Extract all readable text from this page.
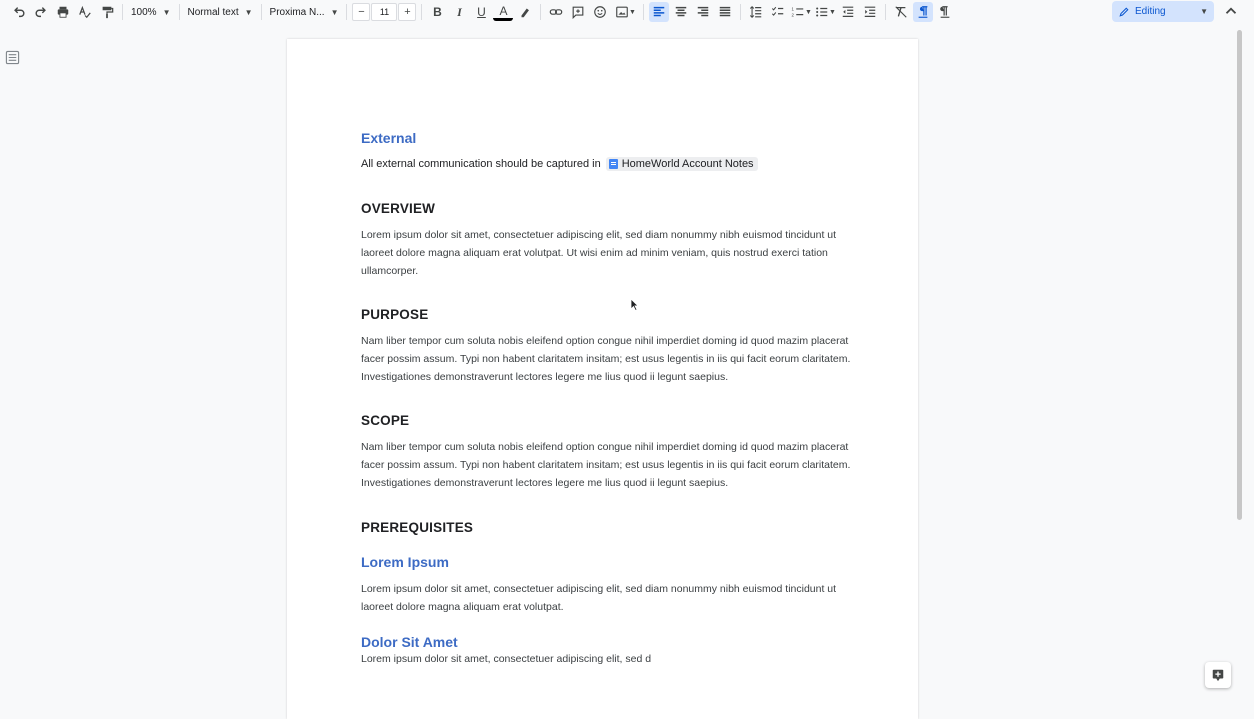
100% ▼ Normal text ▼ Proxima N... ▼	−	11	+	B	I	U	A	▼	1
2 ▼ ▼	Editing	▼
External
All external communication should be captured in HomeWorld Account Notes
OVERVIEW

Lorem ipsum dolor sit amet, consectetuer adipiscing elit, sed diam nonummy nibh euismod tincidunt ut laoreet dolore magna aliquam erat volutpat. Ut wisi enim ad minim veniam, quis nostrud exerci tation ullamcorper.

PURPOSE

Nam liber tempor cum soluta nobis eleifend option congue nihil imperdiet doming id quod mazim placerat facer possim assum. Typi non habent claritatem insitam; est usus legentis in iis qui facit eorum claritatem. Investigationes demonstraverunt lectores legere me lius quod ii legunt saepius.

SCOPE

Nam liber tempor cum soluta nobis eleifend option congue nihil imperdiet doming id quod mazim placerat facer possim assum. Typi non habent claritatem insitam; est usus legentis in iis qui facit eorum claritatem. Investigationes demonstraverunt lectores legere me lius quod ii legunt saepius.

PREREQUISITES
Lorem Ipsum

Lorem ipsum dolor sit amet, consectetuer adipiscing elit, sed diam nonummy nibh euismod tincidunt ut laoreet dolore magna aliquam erat volutpat.

Dolor Sit Amet

Lorem ipsum dolor sit amet, consectetuer adipiscing elit, sed d
